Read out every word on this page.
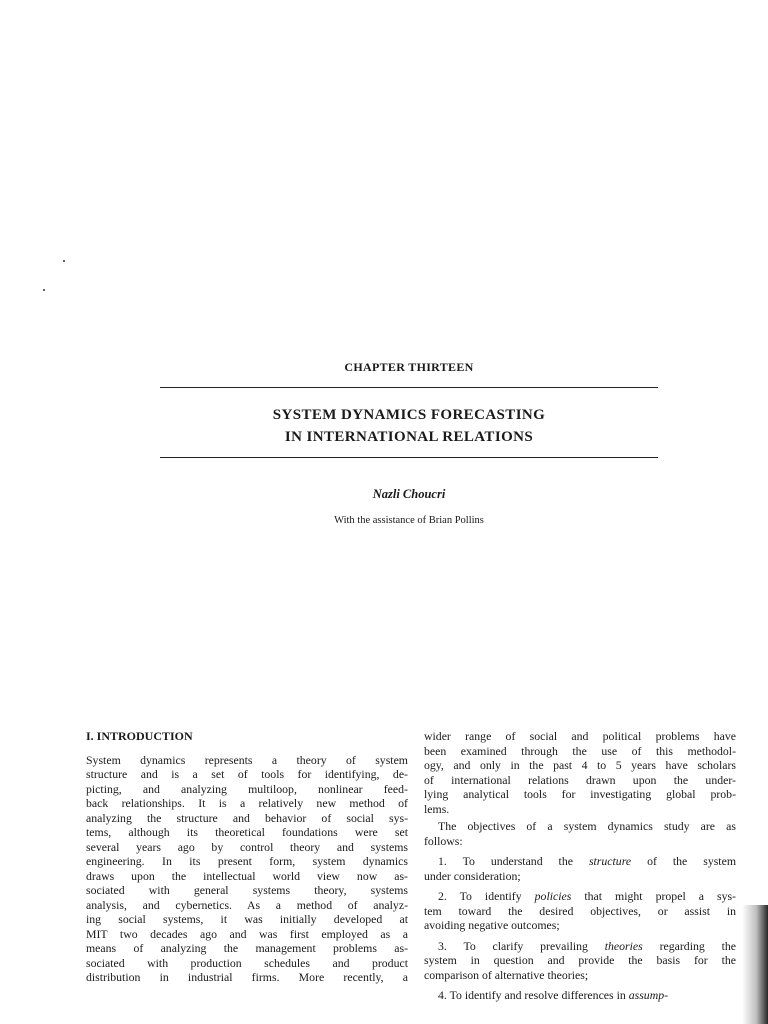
CHAPTER THIRTEEN
SYSTEM DYNAMICS FORECASTING
IN INTERNATIONAL RELATIONS
Nazli Choucri
With the assistance of Brian Pollins
I. INTRODUCTION
System dynamics represents a theory of system
structure and is a set of tools for identifying, de-
picting, and analyzing multiloop, nonlinear feed-
back relationships. It is a relatively new method of
analyzing the structure and behavior of social sys-
tems, although its theoretical foundations were set
several years ago by control theory and systems
engineering. In its present form, system dynamics
draws upon the intellectual world view now as-
sociated with general systems theory, systems
analysis, and cybernetics. As a method of analyz-
ing social systems, it was initially developed at
MIT two decades ago and was first employed as a
means of analyzing the management problems as-
sociated with production schedules and product
distribution in industrial firms. More recently, a
wider range of social and political problems have
been examined through the use of this methodol-
ogy, and only in the past 4 to 5 years have scholars
of international relations drawn upon the under-
lying analytical tools for investigating global prob-
lems.
The objectives of a system dynamics study are as
follows:
1. To understand the structure of the system
under consideration;
2. To identify policies that might propel a sys-
tem toward the desired objectives, or assist in
avoiding negative outcomes;
3. To clarify prevailing theories regarding the
system in question and provide the basis for the
comparison of alternative theories;
4. To identify and resolve differences in assump-
